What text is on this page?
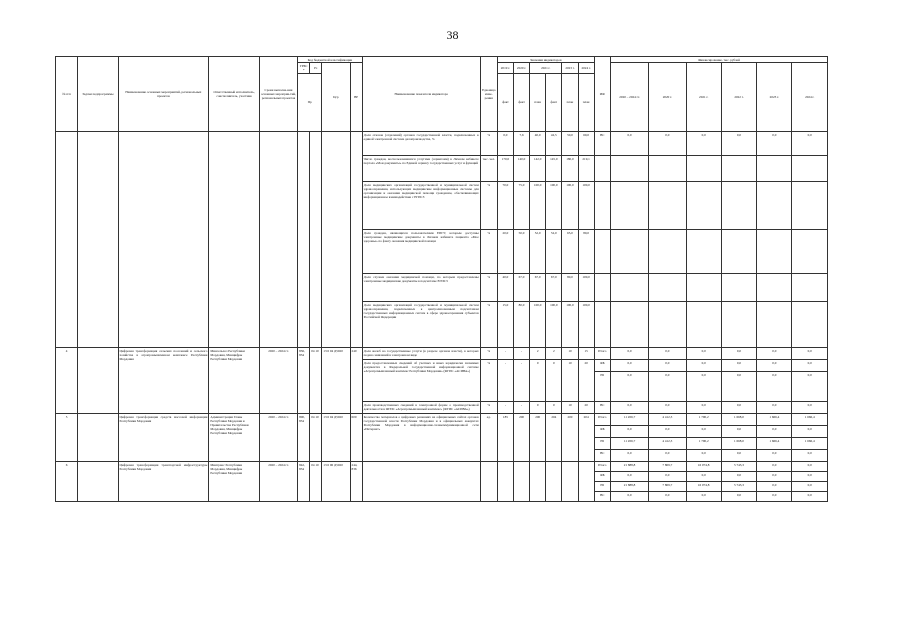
38
№ п/п	Задачи подпрограммы	Наименование основных мероприятий, региональных проектов	Ответственный исполнитель, соисполнитель, участник	Сроки выполне-ния основных мероприя-тий, региональных проектов	Код бюджетной классификации				Наименование показателя индикатора	Еди-ница изме-рения	Значения индикаторов						ИФ	Финансирование, тыс. рублей					
					ГРБС*	Рз	Цср	ВР			2019 г.	2020 г.	2021 г.		2023 г.	2024 г.		2020 – 2024 гг.	2020 г.	2021 г.	2022 г.	2023 г.	2024 г.
					Пр						факт	факт	план	факт	план	план							
									Доля отказов (отделений) органов государственной власти, подключенных к единой электронной системе делопроизводства, %	%	0,0	7,6	40,0	42,5	50,0	60,0	ВС	0,0	0,0	0,0	0,0	0,0	0,0
									Число граждан, воспользовавшихся услугами (сервисами) в Личном кабинете портала «Мои документы» по Единой сервису государственных услуг и функций	тыс. чел.	170,0	140,0	142,0	145,0	180,0	219,1							
									Доля медицинских организаций государственной и муниципальной систем здравоохранения, использующих медицинские информационные системы для организации и оказания медицинской помощи гражданам, обеспечивающих информационное взаимодействие с ЕГИСЗ	%	70,0	75,0	100,0	100,0	100,0	100,0							
									Доля граждан, являющихся пользователями ЕПГУ, которым доступны электронные медицинские документы в Личном кабинете пациента «Мое здоровье» по факту оказания медицинской помощи	%	20,0	50,0	52,0	52,0	65,0	80,0							
									Доля случаев оказания медицинской помощи, по которым предоставлены электронные медицинские документы в подсистеме ЕГИСЗ	%	40,0	67,0	67,0	67,0	80,0	100,0							
									Доля медицинских организаций государственной и муниципальной систем здравоохранения, подключенных к централизованным подсистемам государственных информационных систем в сфере здравоохранения субъектов Российской Федерации	%	15,0	80,0	100,0	100,0	100,0	100,0							
4		Цифровая трансформация сельских поселений и сельского хозяйства в агропромышленном комплексе Республики Мордовия	Минсельхоз Республики Мордовия, Минцифры Республики Мордовия	2020 – 2024 гг.	836, 834	04 10	13 6 04 Д5020	240	Доля жалоб на государственные услуги (в разрезе органов власти), в которых подано заявлений в электронном виде	%	-	-	2	2	10	15	Итого	0,0	0,0	0,0	0,0	0,0	0,0
									Доля предоставленных сведений об учетных и иных юридически значимых документах в Федеральной государственной информационной системе «Агропромышленный комплекс Республики Мордовия» (ФГИС «АСИВА»)	%	-	-	0	0	10	20	ФБ	0,0	0,0	0,0	0,0	0,0	0,0
																	РБ	0,0	0,0	0,0	0,0	0,0	0,0
									Доля производственных сведений в электронной форме о производственной деятельности в ФГИС «Агропромышленный комплекс» (ФГИС «АСИВА»)	%	-	-	0	0	10	20	ВС	0,0	0,0	0,0	0,0	0,0	0,0
5		Цифровая трансформация средств массовой информации Республики Мордовия	Администрация Главы Республики Мордовия и Правительства Республики Мордовия, Минцифры Республики Мордовия	2020 – 2024 гг.	800, 834	04 10	13 6 04 Д5020	600	Количество материалов о цифровых решениях на официальных сайтах органов государственной власти Республики Мордовия и в официальных аккаунтах Республики Мордовия в информационно-телекоммуникационной сети «Интернет»	ед.	185	200	200	204	200	204	Итого	11 206,7	4 412,3	1 790,2	1 668,0	1 666,4	1 666,4
																	ФБ	0,0	0,0	0,0	0,0	0,0	0,0
																	РБ	11 206,7	4 412,3	1 790,2	1 668,0	1 666,4	1 666,4
																	ВС	0,0	0,0	0,0	0,0	0,0	0,0
6		Цифровая трансформация транспортной инфраструктуры Республики Мордовия	Минтранс Республики Мордовия, Минцифры Республики Мордовия	2020 – 2024 гг.	842, 834	04 10	13 6 06 Д5020	244, 836									Итого	21 888,8	7 809,7	16 074,8	5 743,3	0,0	0,0
																	ФБ	0,0	0,0	0,0	0,0	0,0	0,0
																	РБ	21 888,8	7 809,7	16 074,8	5 743,3	0,0	0,0
																	ВС	0,0	0,0	0,0	0,0	0,0	0,0
